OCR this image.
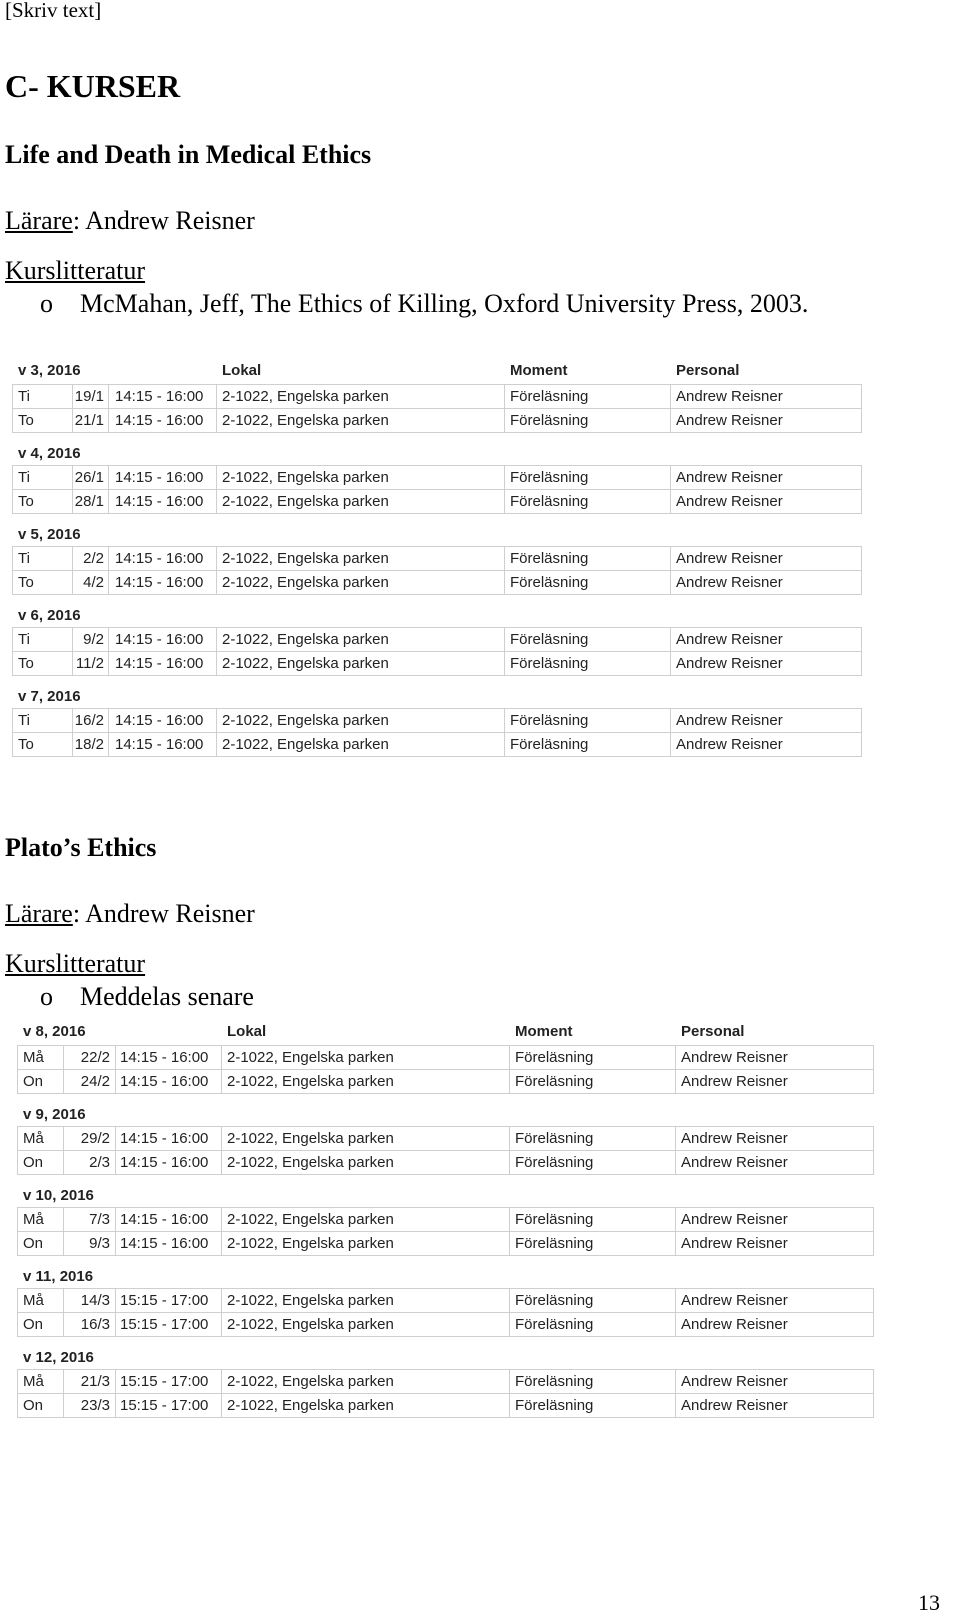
[Skriv text]
C- KURSER
Life and Death in Medical Ethics
Lärare: Andrew Reisner
Kurslitteratur
o McMahan, Jeff, The Ethics of Killing, Oxford University Press, 2003.
Lokal	Moment	Personal
v 3, 2016
Ti	19/1 14:15 - 16:00 2-1022, Engelska parken	Föreläsning	Andrew Reisner
To	21/1 14:15 - 16:00 2-1022, Engelska parken	Föreläsning	Andrew Reisner
v 4, 2016
Ti	26/1 14:15 - 16:00 2-1022, Engelska parken	Föreläsning	Andrew Reisner
To	28/1 14:15 - 16:00 2-1022, Engelska parken	Föreläsning	Andrew Reisner
v 5, 2016
Ti	2/2 14:15 - 16:00 2-1022, Engelska parken	Föreläsning	Andrew Reisner
To	4/2 14:15 - 16:00 2-1022, Engelska parken	Föreläsning	Andrew Reisner
v 6, 2016
Ti	9/2 14:15 - 16:00 2-1022, Engelska parken	Föreläsning	Andrew Reisner
To	11/2 14:15 - 16:00 2-1022, Engelska parken	Föreläsning	Andrew Reisner
v 7, 2016
Ti	16/2 14:15 - 16:00 2-1022, Engelska parken	Föreläsning	Andrew Reisner
To	18/2 14:15 - 16:00 2-1022, Engelska parken	Föreläsning	Andrew Reisner
Plato’s Ethics
Lärare: Andrew Reisner
Kurslitteratur
o Meddelas senare
Lokal	Moment	Personal
v 8, 2016
Må 22/2 14:15 - 16:00 2-1022, Engelska parken	Föreläsning	Andrew Reisner
On	24/2 14:15 - 16:00 2-1022, Engelska parken	Föreläsning	Andrew Reisner
v 9, 2016
Må 29/2 14:15 - 16:00 2-1022, Engelska parken	Föreläsning	Andrew Reisner
On	2/3 14:15 - 16:00 2-1022, Engelska parken	Föreläsning	Andrew Reisner
v 10, 2016
Må	7/3 14:15 - 16:00 2-1022, Engelska parken	Föreläsning	Andrew Reisner
On	9/3 14:15 - 16:00 2-1022, Engelska parken	Föreläsning	Andrew Reisner
v 11, 2016
Må 14/3 15:15 - 17:00 2-1022, Engelska parken	Föreläsning	Andrew Reisner
On	16/3 15:15 - 17:00 2-1022, Engelska parken	Föreläsning	Andrew Reisner
v 12, 2016
Må 21/3 15:15 - 17:00 2-1022, Engelska parken	Föreläsning	Andrew Reisner
On	23/3 15:15 - 17:00 2-1022, Engelska parken	Föreläsning	Andrew Reisner
13
